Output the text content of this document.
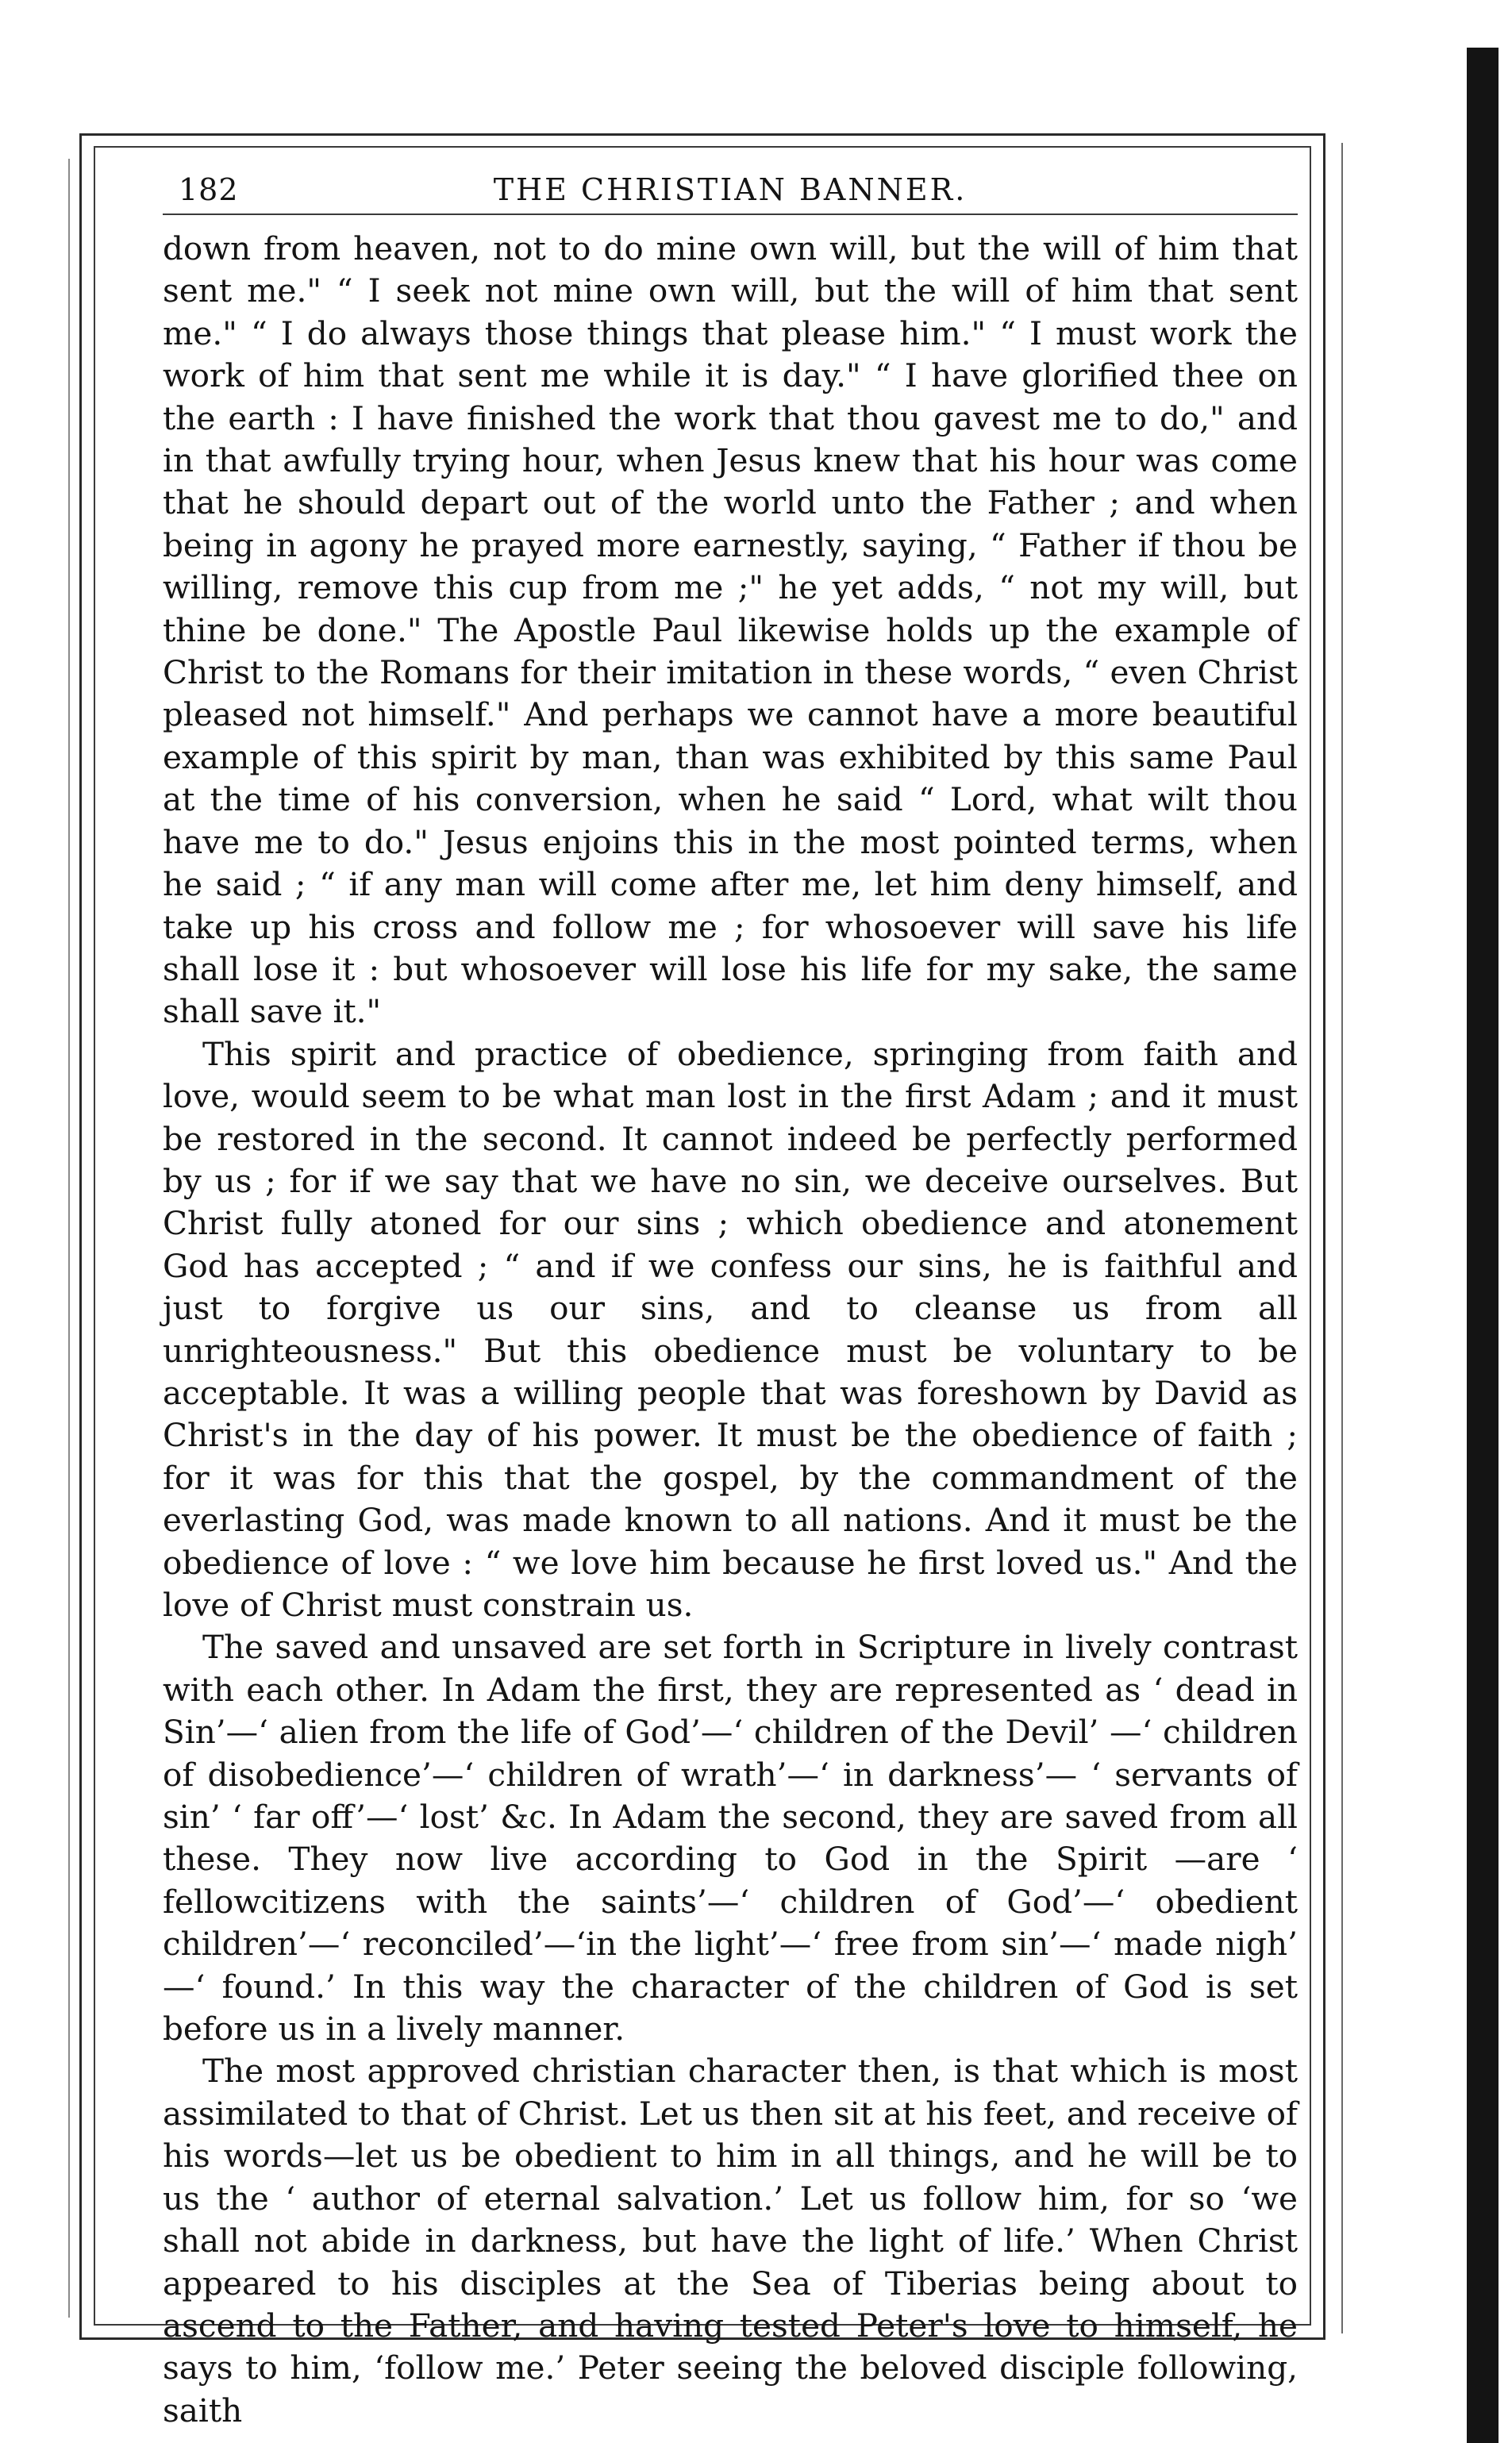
182	THE CHRISTIAN BANNER.

down from heaven, not to do mine own will, but the will of him that sent me." “ I seek not mine own will, but the will of him that sent me." “ I do always those things that please him." “ I must work the work of him that sent me while it is day." “ I have glorified thee on the earth : I have finished the work that thou gavest me to do," and in that awfully trying hour, when Jesus knew that his hour was come that he should depart out of the world unto the Father ; and when being in agony he prayed more earnestly, saying, “ Father if thou be willing, remove this cup from me ;" he yet adds, “ not my will, but thine be done." The Apostle Paul likewise holds up the example of Christ to the Romans for their imitation in these words, “ even Christ pleased not himself." And perhaps we cannot have a more beautiful example of this spirit by man, than was exhibited by this same Paul at the time of his conversion, when he said “ Lord, what wilt thou have me to do." Jesus enjoins this in the most pointed terms, when he said ; “ if any man will come after me, let him deny himself, and take up his cross and follow me ; for whosoever will save his life shall lose it : but whosoever will lose his life for my sake, the same shall save it."

This spirit and practice of obedience, springing from faith and love, would seem to be what man lost in the first Adam ; and it must be restored in the second. It cannot indeed be perfectly performed by us ; for if we say that we have no sin, we deceive ourselves. But Christ fully atoned for our sins ; which obedience and atonement God has accepted ; “ and if we confess our sins, he is faithful and just to forgive us our sins, and to cleanse us from all unrighteousness." But this obedience must be voluntary to be acceptable. It was a willing people that was foreshown by David as Christ's in the day of his power. It must be the obedience of faith ; for it was for this that the gospel, by the commandment of the everlasting God, was made known to all nations. And it must be the obedience of love : “ we love him because he first loved us." And the love of Christ must constrain us.

The saved and unsaved are set forth in Scripture in lively contrast with each other. In Adam the first, they are represented as ‘ dead in Sin’—‘ alien from the life of God’—‘ children of the Devil’ —‘ children of disobedience’—‘ children of wrath’—‘ in darkness’— ‘ servants of sin’ ‘ far off’—‘ lost’ &c. In Adam the second, they are saved from all these. They now live according to God in the Spirit —are ‘ fellowcitizens with the saints’—‘ children of God’—‘ obedient children’—‘ reconciled’—‘in the light’—‘ free from sin’—‘ made nigh’ —‘ found.’ In this way the character of the children of God is set before us in a lively manner.

The most approved christian character then, is that which is most assimilated to that of Christ. Let us then sit at his feet, and receive of his words—let us be obedient to him in all things, and he will be to us the ‘ author of eternal salvation.’ Let us follow him, for so ‘we shall not abide in darkness, but have the light of life.’ When Christ appeared to his disciples at the Sea of Tiberias being about to ascend to the Father, and having tested Peter's love to himself, he says to him, ‘follow me.’ Peter seeing the beloved disciple following, saith
